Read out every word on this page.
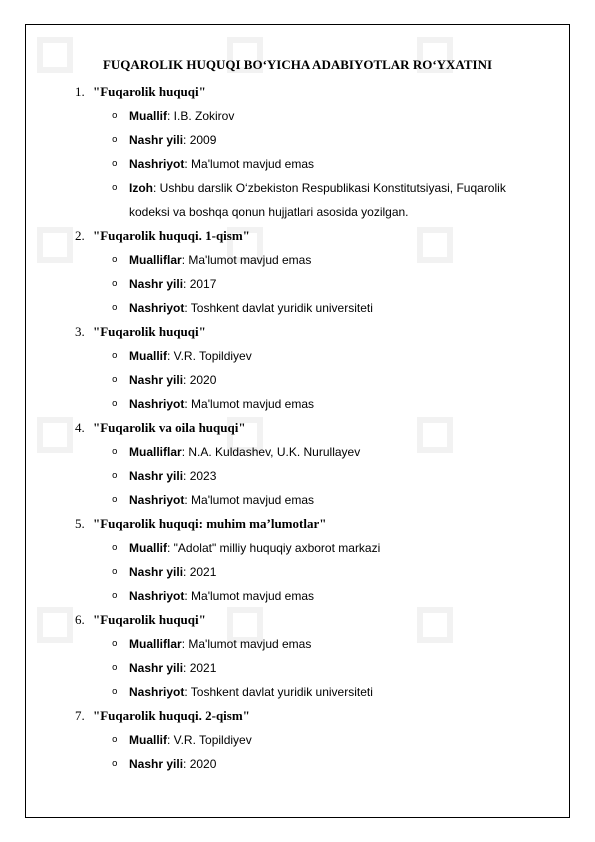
FUQAROLIK HUQUQI BO‘YICHA ADABIYOTLAR RO‘YXATINI
1. "Fuqarolik huquqi"
o Muallif: I.B. Zokirov
o Nashr yili: 2009
o Nashriyot: Ma'lumot mavjud emas
o Izoh: Ushbu darslik O‘zbekiston Respublikasi Konstitutsiyasi, Fuqarolik kodeksi va boshqa qonun hujjatlari asosida yozilgan.
2. "Fuqarolik huquqi. 1-qism"
o Mualliflar: Ma'lumot mavjud emas
o Nashr yili: 2017
o Nashriyot: Toshkent davlat yuridik universiteti
3. "Fuqarolik huquqi"
o Muallif: V.R. Topildiyev
o Nashr yili: 2020
o Nashriyot: Ma'lumot mavjud emas
4. "Fuqarolik va oila huquqi"
o Mualliflar: N.A. Kuldashev, U.K. Nurullayev
o Nashr yili: 2023
o Nashriyot: Ma'lumot mavjud emas
5. "Fuqarolik huquqi: muhim ma’lumotlar"
o Muallif: "Adolat" milliy huquqiy axborot markazi
o Nashr yili: 2021
o Nashriyot: Ma'lumot mavjud emas
6. "Fuqarolik huquqi"
o Mualliflar: Ma'lumot mavjud emas
o Nashr yili: 2021
o Nashriyot: Toshkent davlat yuridik universiteti
7. "Fuqarolik huquqi. 2-qism"
o Muallif: V.R. Topildiyev
o Nashr yili: 2020
